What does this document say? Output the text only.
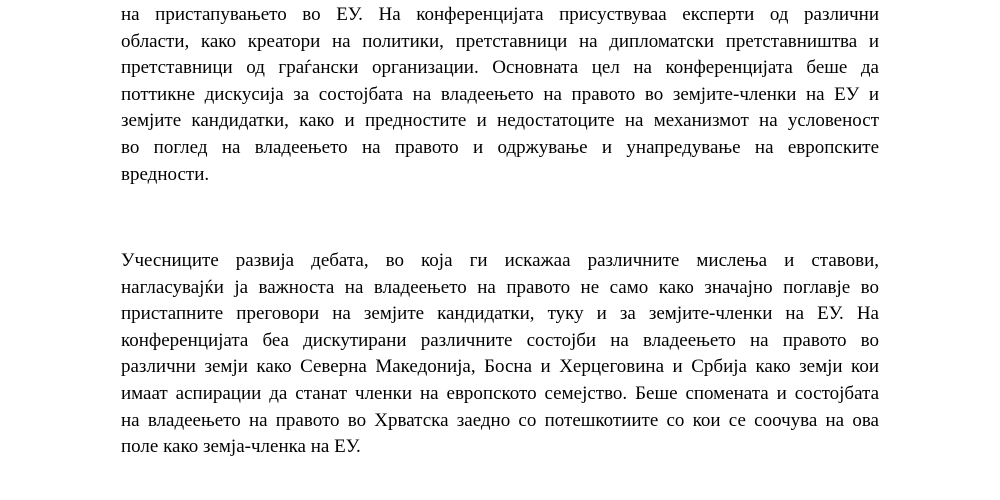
на пристапувањето во ЕУ. На конференцијата присуствуваа експерти од различни
области, како креатори на политики, претставници на дипломатски претставништва и
претставници од граѓански организации. Основната цел на конференцијата беше да
поттикне дискусија за состојбата на владеењето на правото во земјите-членки на ЕУ и
земјите кандидатки, како и предностите и недостатоците на механизмот на условеност
во поглед на владеењето на правото и одржување и унапредување на европските
вредности.
Учесниците развија дебата, во која ги искажаа различните мислења и ставови,
нагласувајќи ја важноста на владеењето на правото не само како значајно поглавје во
пристапните преговори на земјите кандидатки, туку и за земјите-членки на ЕУ. На
конференцијата беа дискутирани различните состојби на владеењето на правото во
различни земји како Северна Македонија, Босна и Херцеговина и Србија како земји кои
имаат аспирации да станат членки на европското семејство. Беше спомената и состојбата
на владеењето на правото во Хрватска заедно со потешкотиите со кои се соочува на ова
поле како земја-членка на ЕУ.
